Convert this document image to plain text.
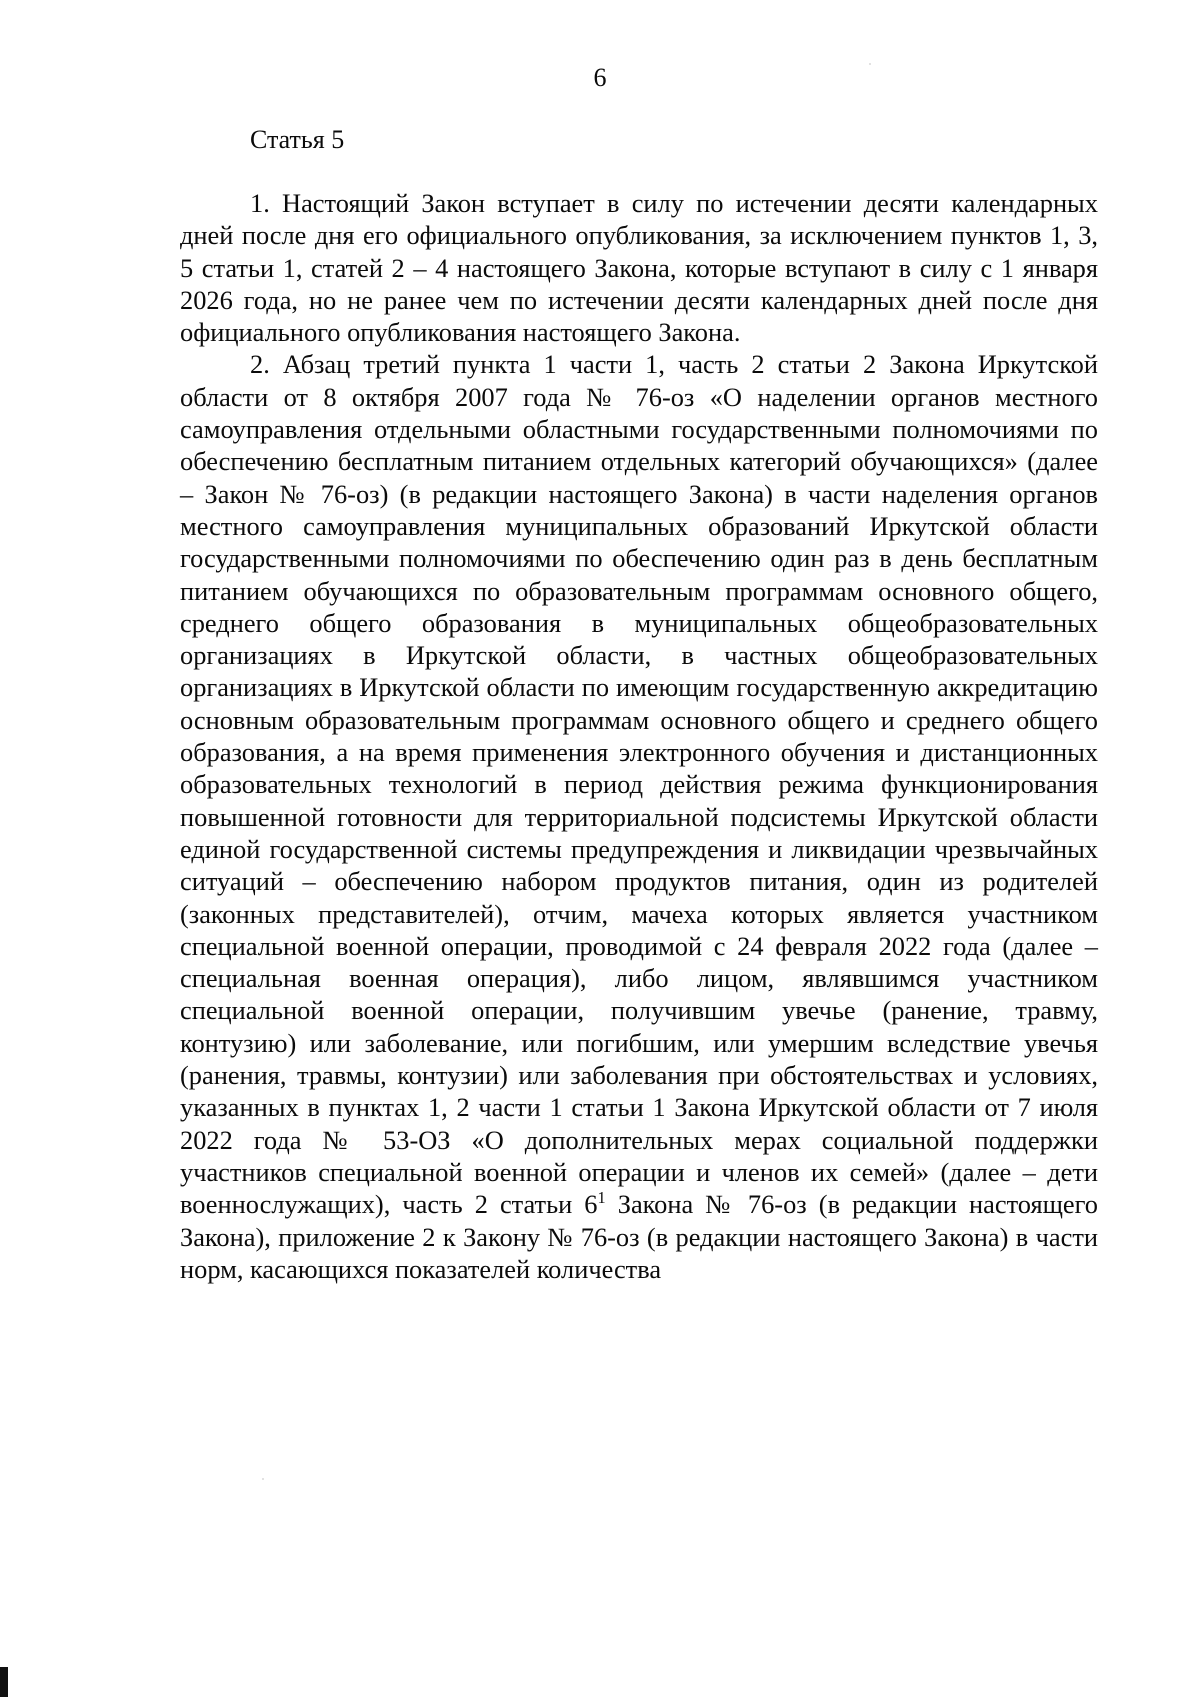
6
Статья 5

1. Настоящий Закон вступает в силу по истечении десяти календарных дней после дня его официального опубликования, за исключением пунктов 1, 3, 5 статьи 1, статей 2 – 4 настоящего Закона, которые вступают в силу с 1 января 2026 года, но не ранее чем по истечении десяти календарных дней после дня официального опубликования настоящего Закона.

2. Абзац третий пункта 1 части 1, часть 2 статьи 2 Закона Иркутской области от 8 октября 2007 года № 76-оз «О наделении органов местного самоуправления отдельными областными государственными полномочиями по обеспечению бесплатным питанием отдельных категорий обучающихся» (далее – Закон № 76-оз) (в редакции настоящего Закона) в части наделения органов местного самоуправления муниципальных образований Иркутской области государственными полномочиями по обеспечению один раз в день бесплатным питанием обучающихся по образовательным программам основного общего, среднего общего образования в муниципальных общеобразовательных организациях в Иркутской области, в частных общеобразовательных организациях в Иркутской области по имеющим государственную аккредитацию основным образовательным программам основного общего и среднего общего образования, а на время применения электронного обучения и дистанционных образовательных технологий в период действия режима функционирования повышенной готовности для территориальной подсистемы Иркутской области единой государственной системы предупреждения и ликвидации чрезвычайных ситуаций – обеспечению набором продуктов питания, один из родителей (законных представителей), отчим, мачеха которых является участником специальной военной операции, проводимой с 24 февраля 2022 года (далее – специальная военная операция), либо лицом, являвшимся участником специальной военной операции, получившим увечье (ранение, травму, контузию) или заболевание, или погибшим, или умершим вследствие увечья (ранения, травмы, контузии) или заболевания при обстоятельствах и условиях, указанных в пунктах 1, 2 части 1 статьи 1 Закона Иркутской области от 7 июля 2022 года № 53-ОЗ «О дополнительных мерах социальной поддержки участников специальной военной операции и членов их семей» (далее – дети военнослужащих), часть 2 статьи 6$^1$ Закона № 76-оз (в редакции настоящего Закона), приложение 2 к Закону № 76-оз (в редакции настоящего Закона) в части норм, касающихся показателей количества
